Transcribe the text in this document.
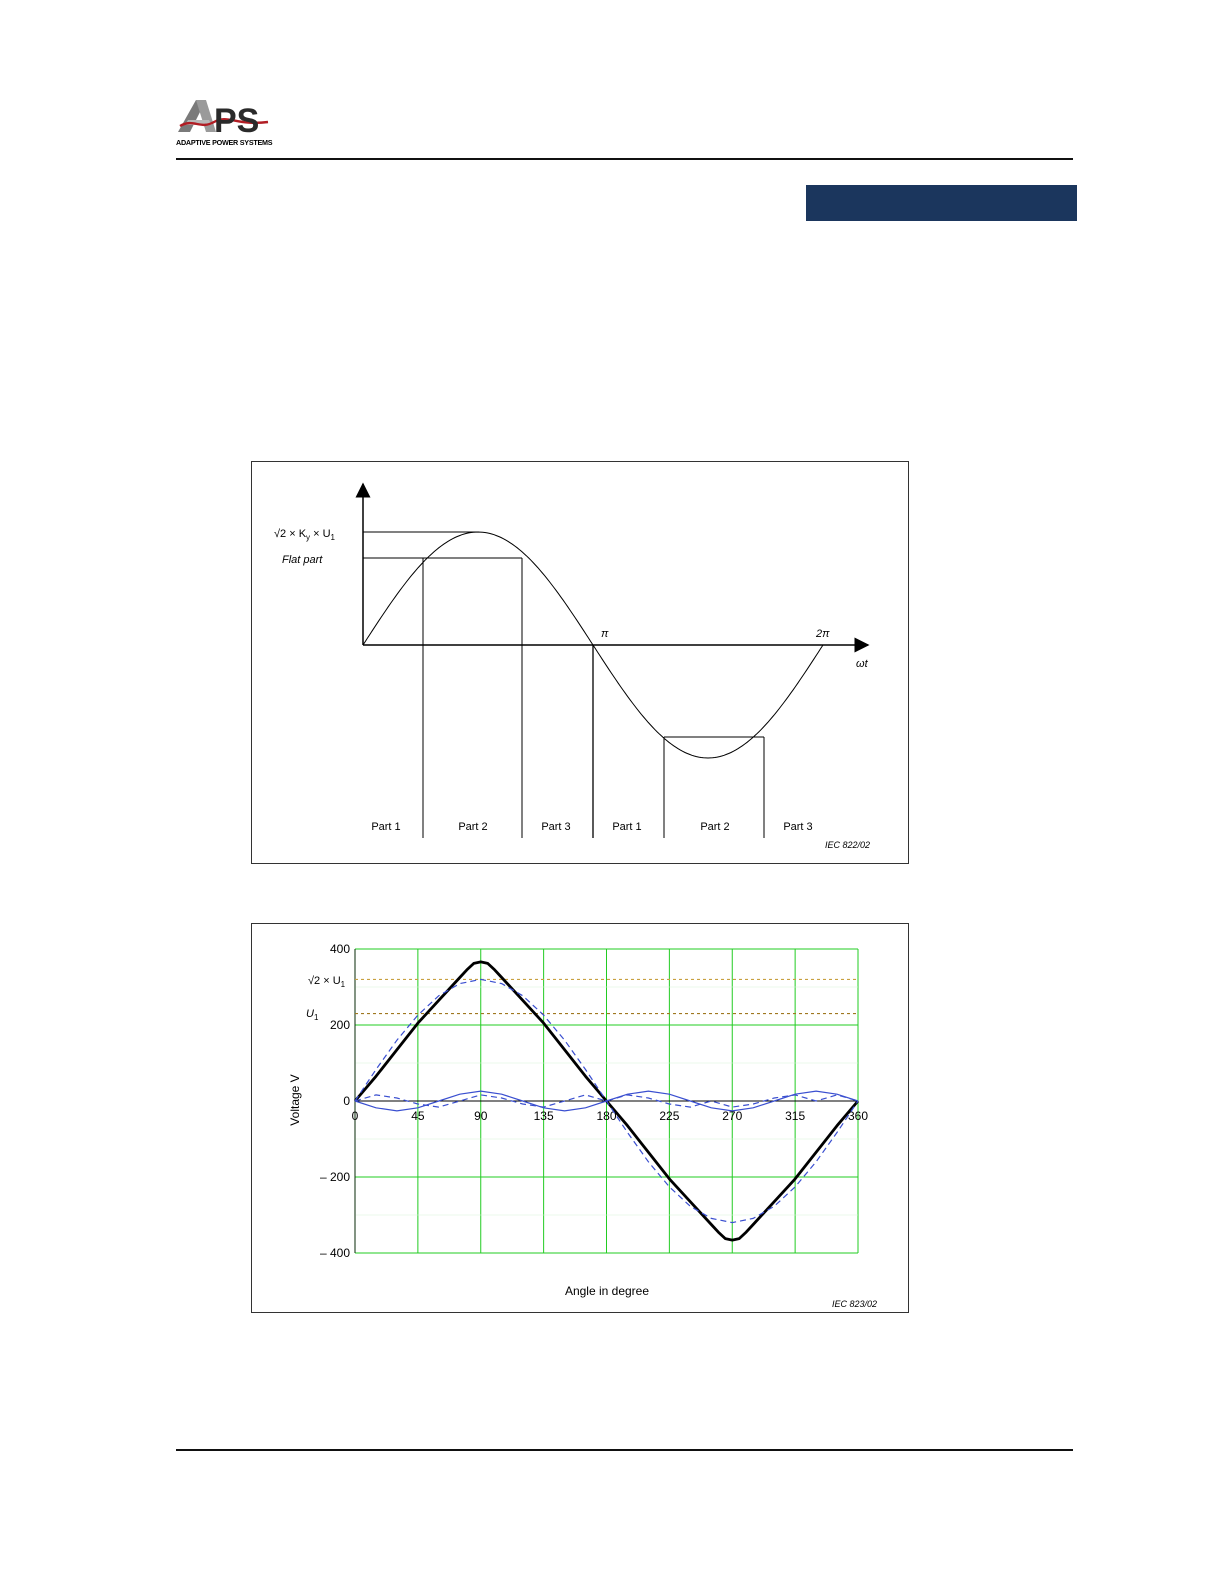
PS
ADAPTIVE POWER SYSTEMS
$√2 \times K_y \times U_1$
Flat part
π	2π
ωt
Part 1	Part 2	Part 3	Part 1	Part 2	Part 3
IEC 822/02
0	45	90	135	180	225	270	315	360
400
200
0
– 200
– 400
$U_1$
$√2 \times U_1$
Angle in degree
Voltage V
IEC 823/02
